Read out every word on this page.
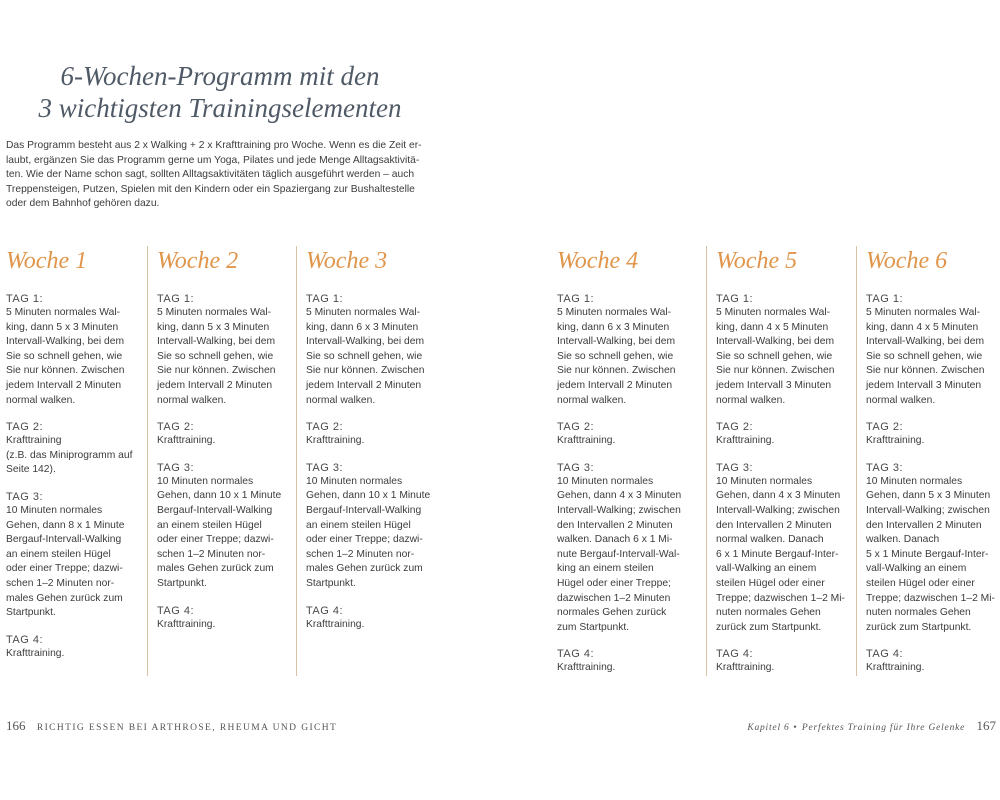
6-Wochen-Programm mit den
3 wichtigsten Trainingselementen
Das Programm besteht aus 2 x Walking + 2 x Krafttraining pro Woche. Wenn es die Zeit er-
laubt, ergänzen Sie das Programm gerne um Yoga, Pilates und jede Menge Alltagsaktivitä-
ten. Wie der Name schon sagt, sollten Alltagsaktivitäten täglich ausgeführt werden – auch
Treppensteigen, Putzen, Spielen mit den Kindern oder ein Spaziergang zur Bushaltestelle
oder dem Bahnhof gehören dazu.
Woche 1

TAG 1:

5 Minuten normales Wal-
king, dann 5 x 3 Minuten
Intervall-Walking, bei dem
Sie so schnell gehen, wie
Sie nur können. Zwischen
jedem Intervall 2 Minuten
normal walken.

TAG 2:

Krafttraining
(z.B. das Miniprogramm auf
Seite 142).

TAG 3:

10 Minuten normales
Gehen, dann 8 x 1 Minute
Bergauf-Intervall-Walking
an einem steilen Hügel
oder einer Treppe; dazwi-
schen 1–2 Minuten nor-
males Gehen zurück zum
Startpunkt.

TAG 4:

Krafttraining.

Woche 2

TAG 1:

5 Minuten normales Wal-
king, dann 5 x 3 Minuten
Intervall-Walking, bei dem
Sie so schnell gehen, wie
Sie nur können. Zwischen
jedem Intervall 2 Minuten
normal walken.

TAG 2:

Krafttraining.

TAG 3:

10 Minuten normales
Gehen, dann 10 x 1 Minute
Bergauf-Intervall-Walking
an einem steilen Hügel
oder einer Treppe; dazwi-
schen 1–2 Minuten nor-
males Gehen zurück zum
Startpunkt.

TAG 4:

Krafttraining.

Woche 3

TAG 1:

5 Minuten normales Wal-
king, dann 6 x 3 Minuten
Intervall-Walking, bei dem
Sie so schnell gehen, wie
Sie nur können. Zwischen
jedem Intervall 2 Minuten
normal walken.

TAG 2:

Krafttraining.

TAG 3:

10 Minuten normales
Gehen, dann 10 x 1 Minute
Bergauf-Intervall-Walking
an einem steilen Hügel
oder einer Treppe; dazwi-
schen 1–2 Minuten nor-
males Gehen zurück zum
Startpunkt.

TAG 4:

Krafttraining.

Woche 4

TAG 1:

5 Minuten normales Wal-
king, dann 6 x 3 Minuten
Intervall-Walking, bei dem
Sie so schnell gehen, wie
Sie nur können. Zwischen
jedem Intervall 2 Minuten
normal walken.

TAG 2:

Krafttraining.

TAG 3:

10 Minuten normales
Gehen, dann 4 x 3 Minuten
Intervall-Walking; zwischen
den Intervallen 2 Minuten
walken. Danach 6 x 1 Mi-
nute Bergauf-Intervall-Wal-
king an einem steilen
Hügel oder einer Treppe;
dazwischen 1–2 Minuten
normales Gehen zurück
zum Startpunkt.

TAG 4:

Krafttraining.

Woche 5

TAG 1:

5 Minuten normales Wal-
king, dann 4 x 5 Minuten
Intervall-Walking, bei dem
Sie so schnell gehen, wie
Sie nur können. Zwischen
jedem Intervall 3 Minuten
normal walken.

TAG 2:

Krafttraining.

TAG 3:

10 Minuten normales
Gehen, dann 4 x 3 Minuten
Intervall-Walking; zwischen
den Intervallen 2 Minuten
normal walken. Danach
6 x 1 Minute Bergauf-Inter-
vall-Walking an einem
steilen Hügel oder einer
Treppe; dazwischen 1–2 Mi-
nuten normales Gehen
zurück zum Startpunkt.

TAG 4:

Krafttraining.

Woche 6

TAG 1:

5 Minuten normales Wal-
king, dann 4 x 5 Minuten
Intervall-Walking, bei dem
Sie so schnell gehen, wie
Sie nur können. Zwischen
jedem Intervall 3 Minuten
normal walken.

TAG 2:

Krafttraining.

TAG 3:

10 Minuten normales
Gehen, dann 5 x 3 Minuten
Intervall-Walking; zwischen
den Intervallen 2 Minuten
walken. Danach
5 x 1 Minute Bergauf-Inter-
vall-Walking an einem
steilen Hügel oder einer
Treppe; dazwischen 1–2 Mi-
nuten normales Gehen
zurück zum Startpunkt.

TAG 4:

Krafttraining.

166 RICHTIG ESSEN BEI ARTHROSE, RHEUMA UND GICHT	Kapitel 6 • Perfektes Training für Ihre Gelenke 167
